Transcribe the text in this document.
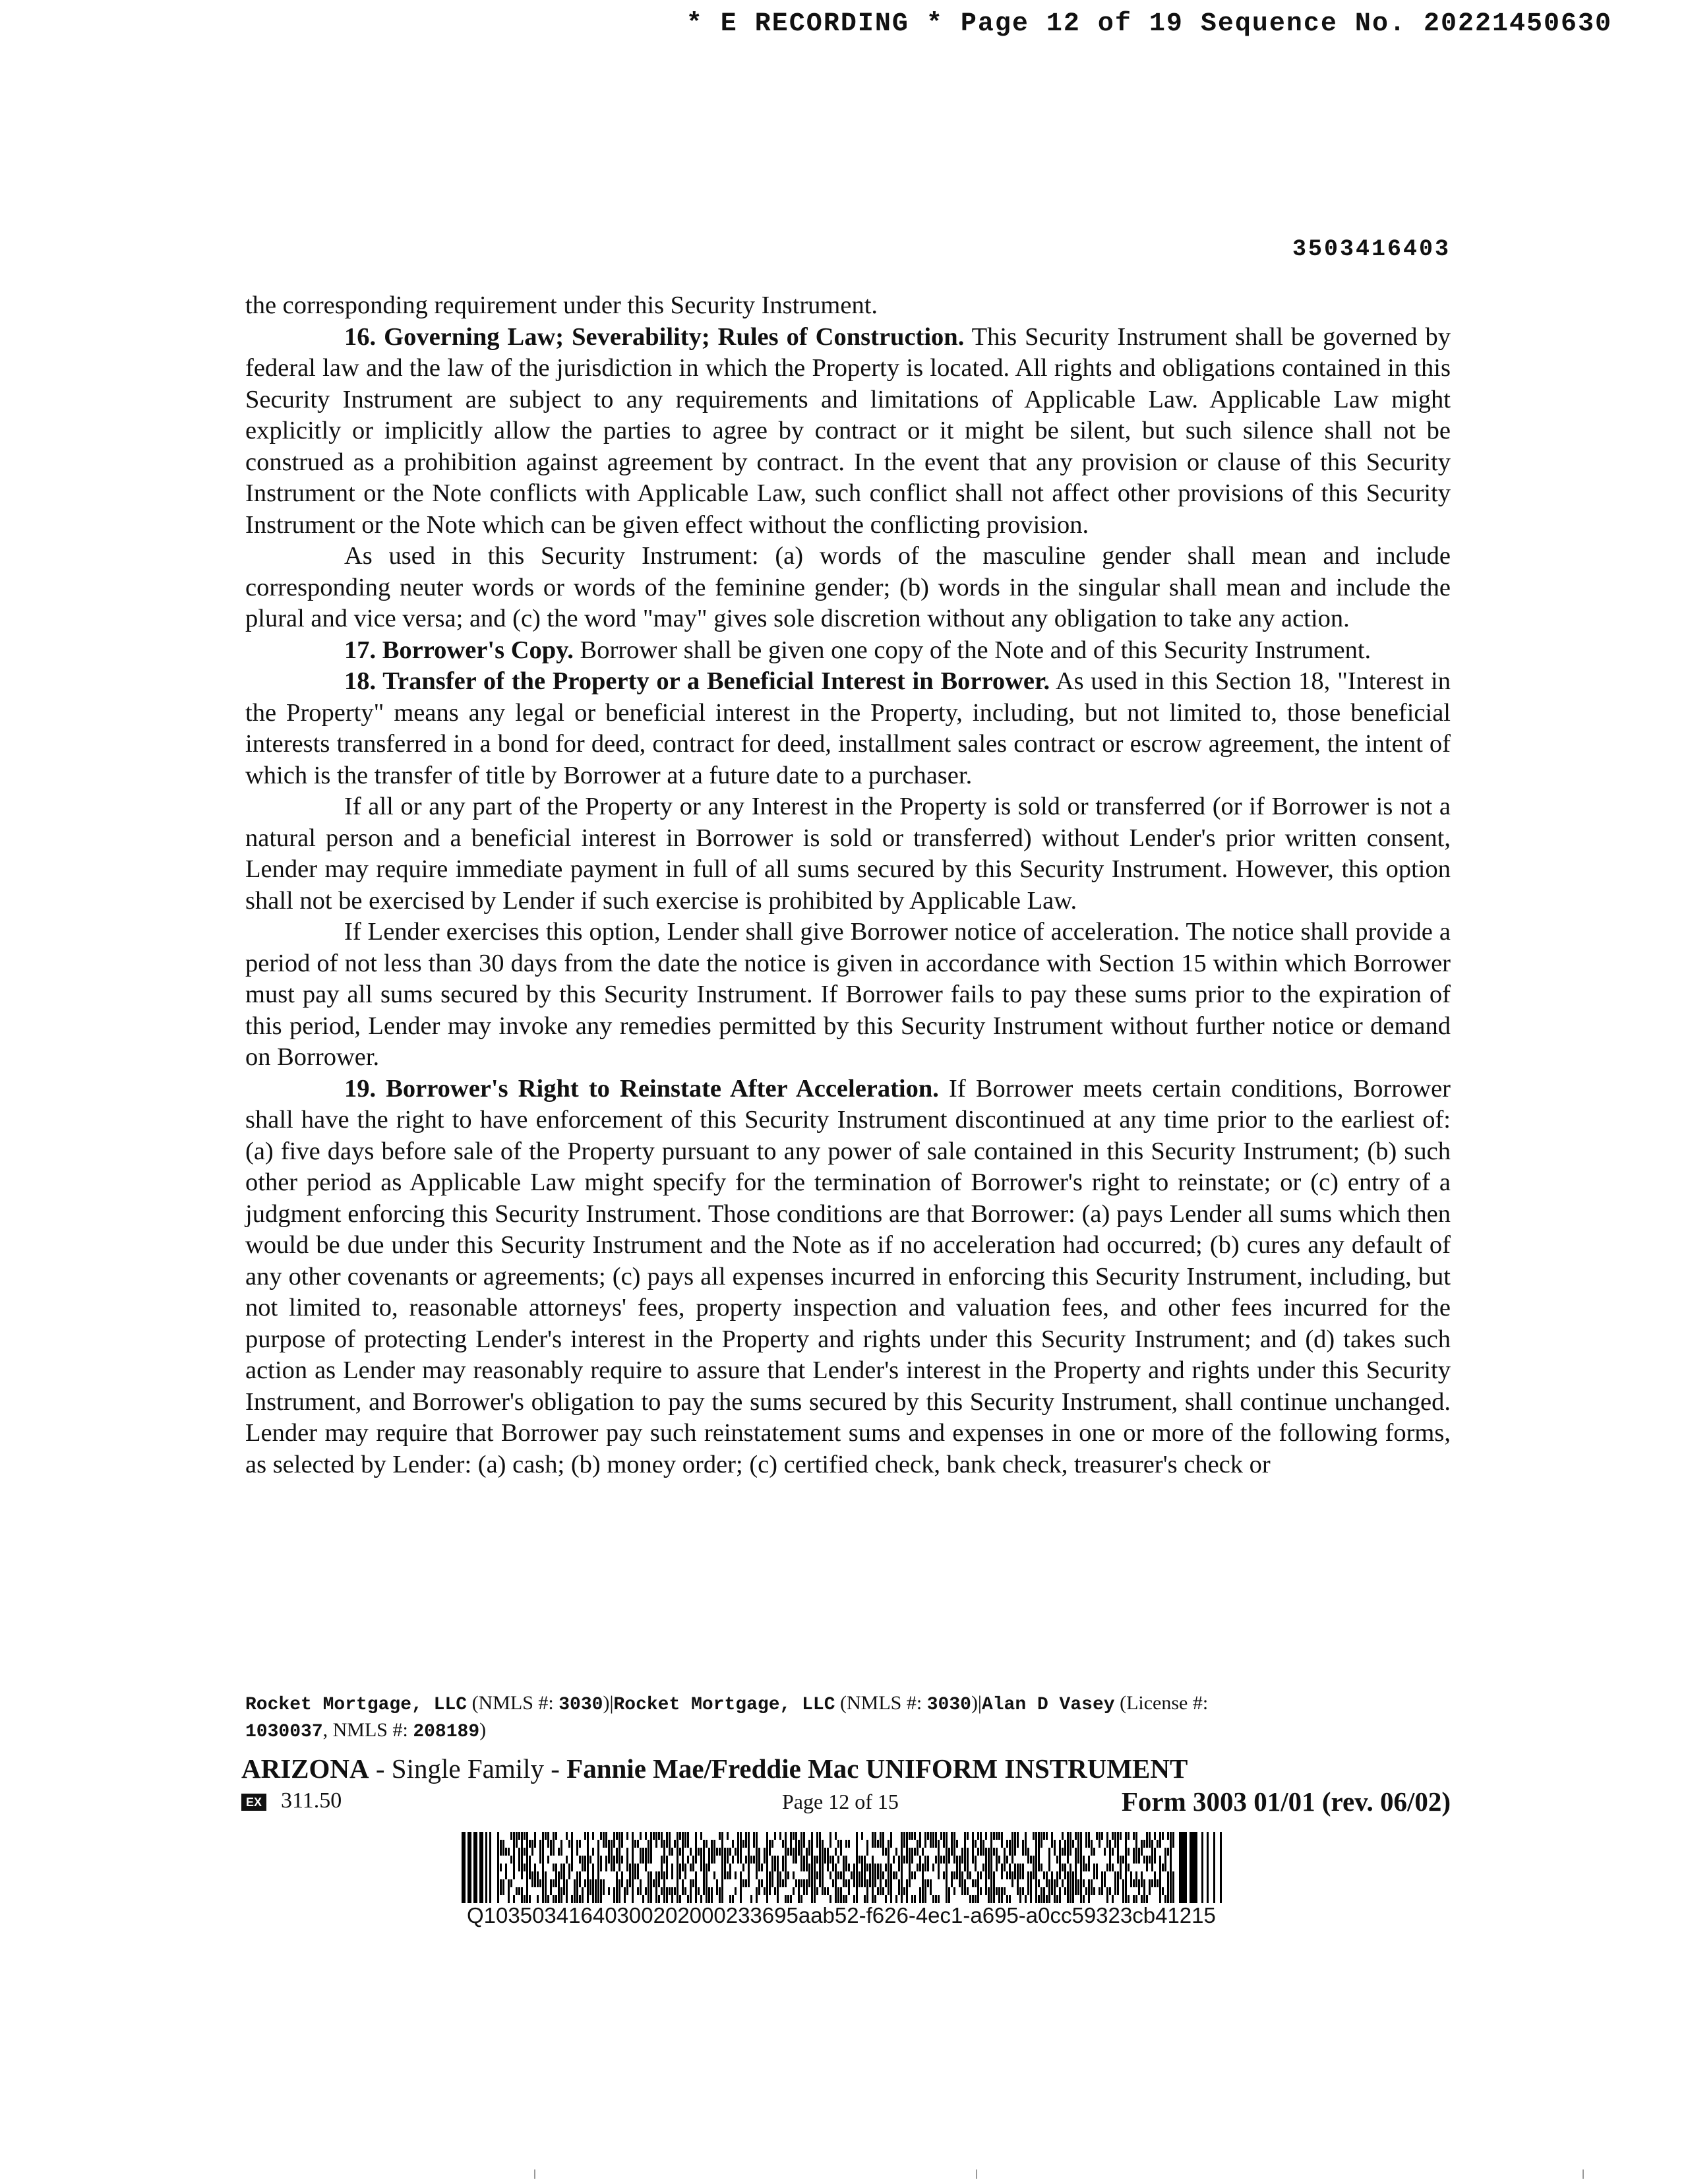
* E RECORDING * Page 12 of 19 Sequence No. 20221450630
3503416403

the corresponding requirement under this Security Instrument.

16. Governing Law; Severability; Rules of Construction. This Security Instrument shall be governed by federal law and the law of the jurisdiction in which the Property is located. All rights and obligations contained in this Security Instrument are subject to any requirements and limitations of Applicable Law. Applicable Law might explicitly or implicitly allow the parties to agree by contract or it might be silent, but such silence shall not be construed as a prohibition against agreement by contract. In the event that any provision or clause of this Security Instrument or the Note conflicts with Applicable Law, such conflict shall not affect other provisions of this Security Instrument or the Note which can be given effect without the conflicting provision.

As used in this Security Instrument: (a) words of the masculine gender shall mean and include corresponding neuter words or words of the feminine gender; (b) words in the singular shall mean and include the plural and vice versa; and (c) the word "may" gives sole discretion without any obligation to take any action.

17. Borrower's Copy. Borrower shall be given one copy of the Note and of this Security Instrument.

18. Transfer of the Property or a Beneficial Interest in Borrower. As used in this Section 18, "Interest in the Property" means any legal or beneficial interest in the Property, including, but not limited to, those beneficial interests transferred in a bond for deed, contract for deed, installment sales contract or escrow agreement, the intent of which is the transfer of title by Borrower at a future date to a purchaser.

If all or any part of the Property or any Interest in the Property is sold or transferred (or if Borrower is not a natural person and a beneficial interest in Borrower is sold or transferred) without Lender's prior written consent, Lender may require immediate payment in full of all sums secured by this Security Instrument. However, this option shall not be exercised by Lender if such exercise is prohibited by Applicable Law.

If Lender exercises this option, Lender shall give Borrower notice of acceleration. The notice shall provide a period of not less than 30 days from the date the notice is given in accordance with Section 15 within which Borrower must pay all sums secured by this Security Instrument. If Borrower fails to pay these sums prior to the expiration of this period, Lender may invoke any remedies permitted by this Security Instrument without further notice or demand on Borrower.

19. Borrower's Right to Reinstate After Acceleration. If Borrower meets certain conditions, Borrower shall have the right to have enforcement of this Security Instrument discontinued at any time prior to the earliest of: (a) five days before sale of the Property pursuant to any power of sale contained in this Security Instrument; (b) such other period as Applicable Law might specify for the termination of Borrower's right to reinstate; or (c) entry of a judgment enforcing this Security Instrument. Those conditions are that Borrower: (a) pays Lender all sums which then would be due under this Security Instrument and the Note as if no acceleration had occurred; (b) cures any default of any other covenants or agreements; (c) pays all expenses incurred in enforcing this Security Instrument, including, but not limited to, reasonable attorneys' fees, property inspection and valuation fees, and other fees incurred for the purpose of protecting Lender's interest in the Property and rights under this Security Instrument; and (d) takes such action as Lender may reasonably require to assure that Lender's interest in the Property and rights under this Security Instrument, and Borrower's obligation to pay the sums secured by this Security Instrument, shall continue unchanged. Lender may require that Borrower pay such reinstatement sums and expenses in one or more of the following forms, as selected by Lender: (a) cash; (b) money order; (c) certified check, bank check, treasurer's check or

Rocket Mortgage, LLC (NMLS #: 3030)|Rocket Mortgage, LLC (NMLS #: 3030)|Alan D Vasey (License #:
1030037, NMLS #: 208189)
ARIZONA - Single Family - Fannie Mae/Freddie Mac UNIFORM INSTRUMENT
EX 311.50	Page 12 of 15	Form 3003 01/01 (rev. 06/02)
Q10350341640300202000233695aab52-f626-4ec1-a695-a0cc59323cb41215
